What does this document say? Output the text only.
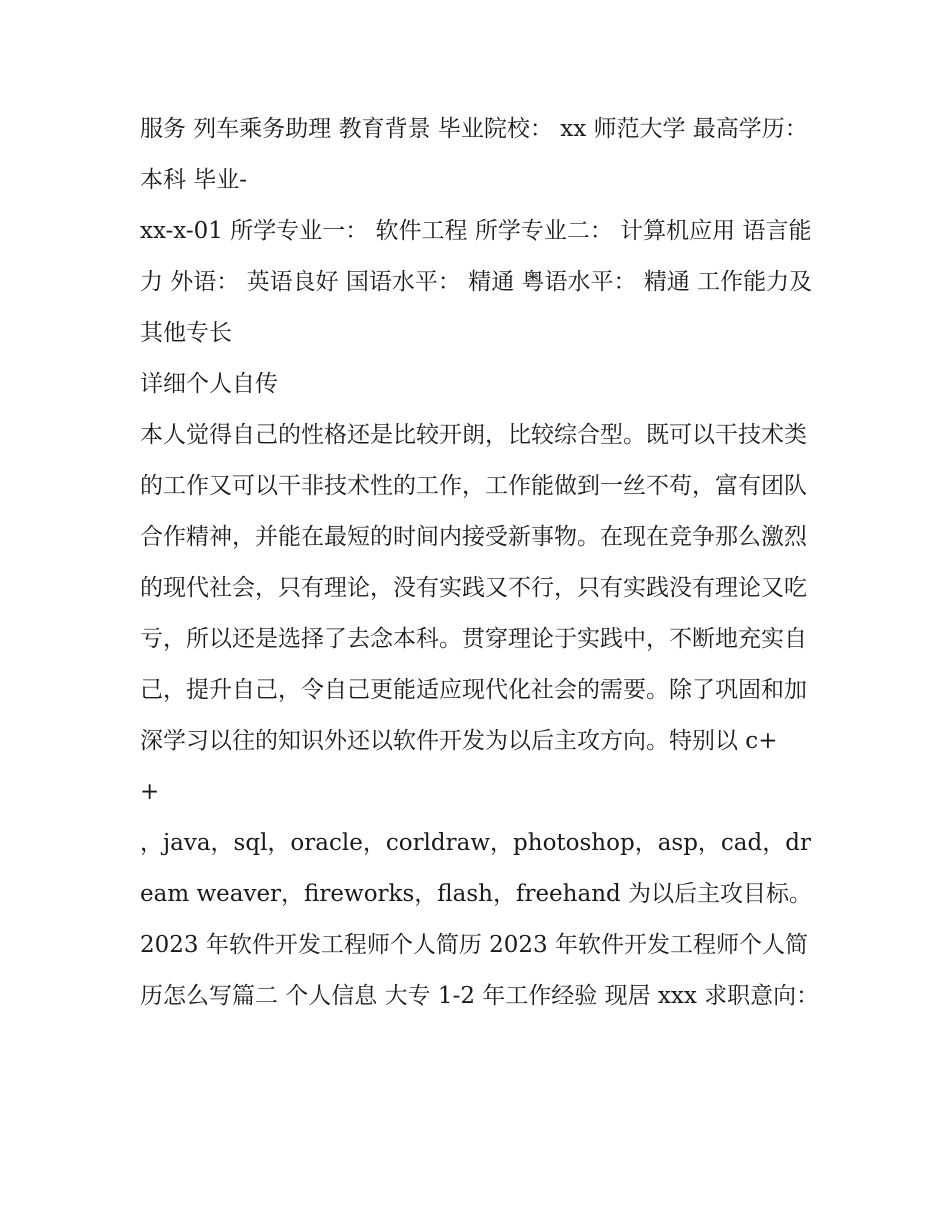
服务 列车乘务助理 教育背景 毕业院校： xx 师范大学 最高学历： 本科 毕业-

xx-x-01 所学专业一： 软件工程 所学专业二： 计算机应用 语言能力 外语： 英语良好 国语水平： 精通 粤语水平： 精通 工作能力及其他专长

详细个人自传

本人觉得自己的性格还是比较开朗，比较综合型。既可以干技术类的工作又可以干非技术性的工作，工作能做到一丝不苟，富有团队合作精神，并能在最短的时间内接受新事物。在现在竞争那么激烈的现代社会，只有理论，没有实践又不行，只有实践没有理论又吃亏，所以还是选择了去念本科。贯穿理论于实践中，不断地充实自己，提升自己，令自己更能适应现代化社会的需要。除了巩固和加深学习以往的知识外还以软件开发为以后主攻方向。特别以 c+

+

，java，sql，oracle，corldraw，photoshop，asp，cad，dream weaver，fireworks，flash，freehand 为以后主攻目标。

2023 年软件开发工程师个人简历 2023 年软件开发工程师个人简历怎么写篇二 个人信息 大专 1-2 年工作经验 现居 xxx 求职意向：
